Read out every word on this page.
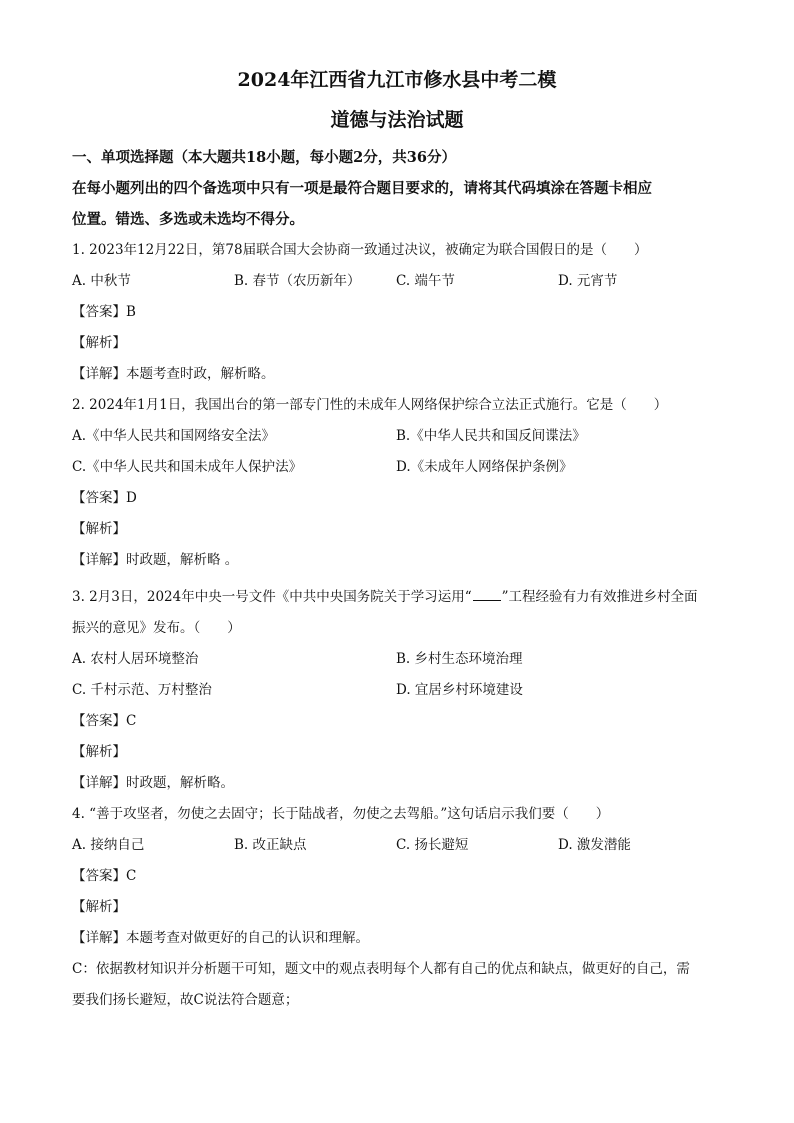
2024年江西省九江市修水县中考二模
道德与法治试题
一、单项选择题（本大题共18小题，每小题2分，共36分）
在每小题列出的四个备选项中只有一项是最符合题目要求的，请将其代码填涂在答题卡相应
位置。错选、多选或未选均不得分。
1. 2023年12月22日，第78届联合国大会协商一致通过决议，被确定为联合国假日的是（　　）
A. 中秋节	B. 春节（农历新年）	C. 端午节	D. 元宵节
【答案】B
【解析】
【详解】本题考查时政，解析略。
2. 2024年1月1日，我国出台的第一部专门性的未成年人网络保护综合立法正式施行。它是（　　）
A.《中华人民共和国网络安全法》	B.《中华人民共和国反间谍法》
C.《中华人民共和国未成年人保护法》	D.《未成年人网络保护条例》
【答案】D
【解析】
【详解】时政题，解析略 。
3. 2月3日，2024年中央一号文件《中共中央国务院关于学习运用“ ”工程经验有力有效推进乡村全面
振兴的意见》发布。（　　）
A. 农村人居环境整治	B. 乡村生态环境治理
C. 千村示范、万村整治	D. 宜居乡村环境建设
【答案】C
【解析】
【详解】时政题，解析略。
4. “善于攻坚者，勿使之去固守；长于陆战者，勿使之去驾船。”这句话启示我们要（　　）
A. 接纳自己	B. 改正缺点	C. 扬长避短	D. 激发潜能
【答案】C
【解析】
【详解】本题考查对做更好的自己的认识和理解。
C：依据教材知识并分析题干可知，题文中的观点表明每个人都有自己的优点和缺点，做更好的自己，需
要我们扬长避短，故C说法符合题意；
